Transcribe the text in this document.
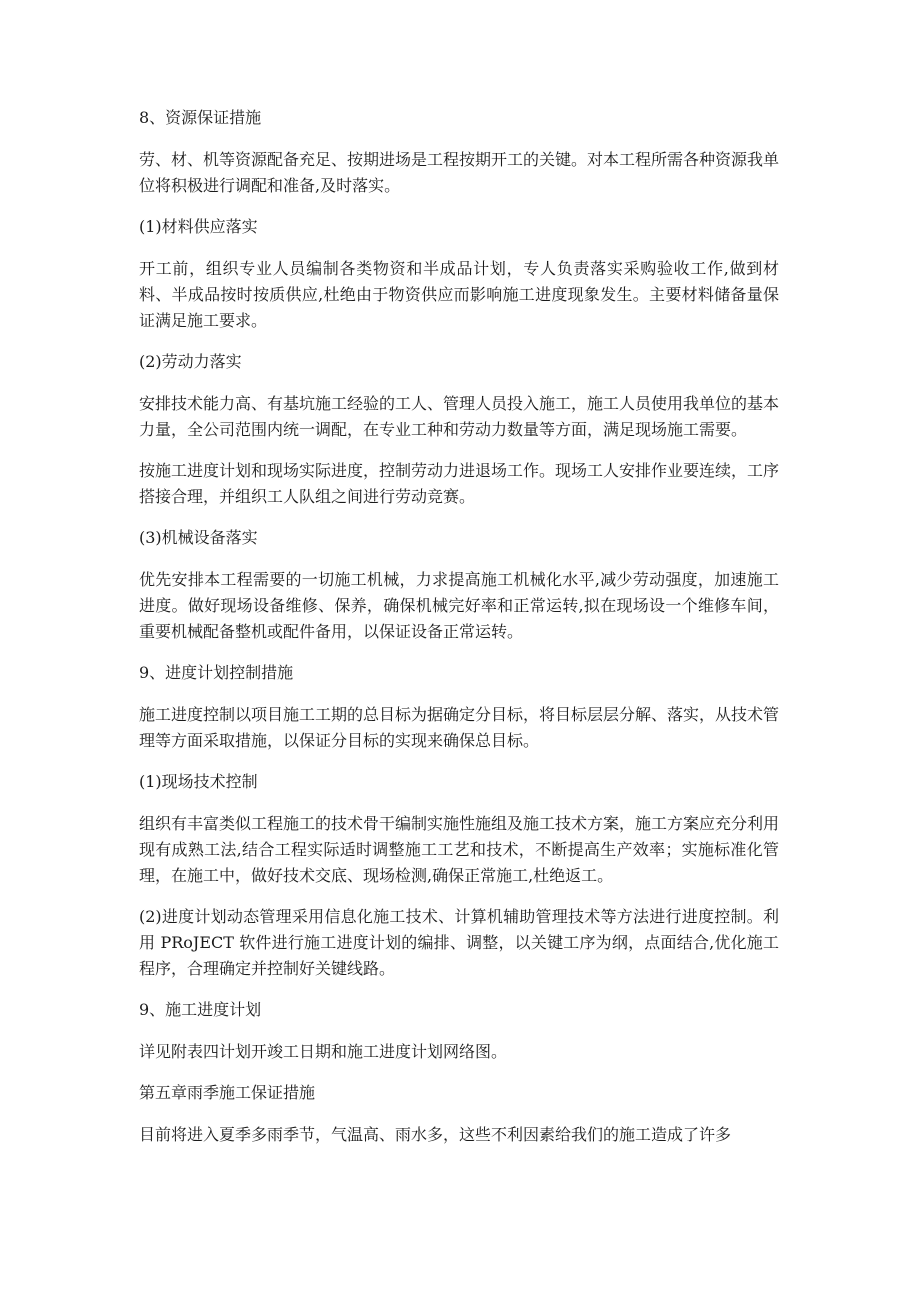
8、资源保证措施

劳、材、机等资源配备充足、按期进场是工程按期开工的关键。对本工程所需各种资源我单位将积极进行调配和准备,及时落实。

(1)材料供应落实

开工前，组织专业人员编制各类物资和半成品计划，专人负责落实采购验收工作,做到材料、半成品按时按质供应,杜绝由于物资供应而影响施工进度现象发生。主要材料储备量保证满足施工要求。

(2)劳动力落实

安排技术能力高、有基坑施工经验的工人、管理人员投入施工，施工人员使用我单位的基本力量，全公司范围内统一调配，在专业工种和劳动力数量等方面，满足现场施工需要。

按施工进度计划和现场实际进度，控制劳动力进退场工作。现场工人安排作业要连续，工序搭接合理，并组织工人队组之间进行劳动竞赛。

(3)机械设备落实

优先安排本工程需要的一切施工机械，力求提高施工机械化水平,减少劳动强度，加速施工进度。做好现场设备维修、保养，确保机械完好率和正常运转,拟在现场设一个维修车间，重要机械配备整机或配件备用，以保证设备正常运转。

9、进度计划控制措施

施工进度控制以项目施工工期的总目标为据确定分目标，将目标层层分解、落实，从技术管理等方面采取措施，以保证分目标的实现来确保总目标。

(1)现场技术控制

组织有丰富类似工程施工的技术骨干编制实施性施组及施工技术方案，施工方案应充分利用现有成熟工法,结合工程实际适时调整施工工艺和技术，不断提高生产效率；实施标准化管理，在施工中，做好技术交底、现场检测,确保正常施工,杜绝返工。

(2)进度计划动态管理采用信息化施工技术、计算机辅助管理技术等方法进行进度控制。利用 PRoJECT 软件进行施工进度计划的编排、调整，以关键工序为纲，点面结合,优化施工程序，合理确定并控制好关键线路。

9、施工进度计划

详见附表四计划开竣工日期和施工进度计划网络图。

第五章雨季施工保证措施

目前将进入夏季多雨季节，气温高、雨水多，这些不利因素给我们的施工造成了许多
